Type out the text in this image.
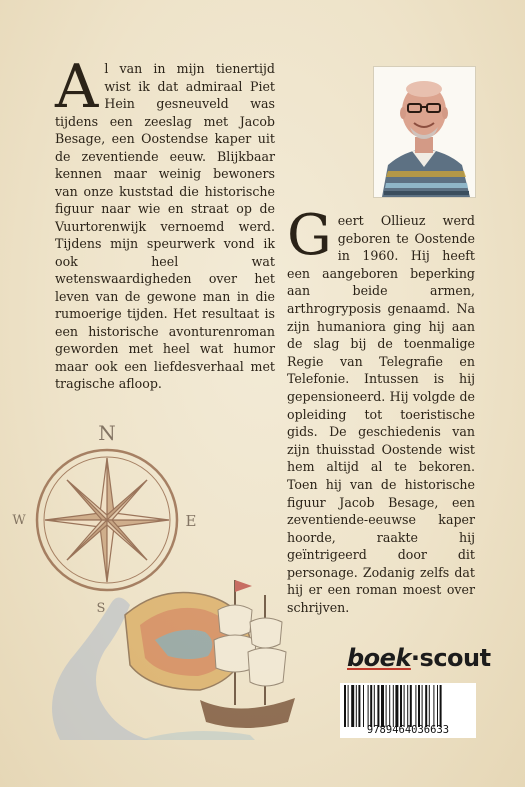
Al van in mijn tienertijd wist ik dat admiraal Piet Hein gesneuveld was tijdens een zeeslag met Jacob Besage, een Oostendse kaper uit de zeventiende eeuw. Blijkbaar kennen maar weinig bewoners van onze kuststad die historische figuur naar wie en straat op de Vuurtorenwijk vernoemd werd. Tijdens mijn speurwerk vond ik ook heel wat wetenswaardigheden over het leven van de gewone man in die rumoerige tijden. Het resultaat is een historische avonturenroman geworden met heel wat humor maar ook een liefdesverhaal met tragische afloop.
Geert Ollieuz werd geboren te Oostende in 1960. Hij heeft een aangeboren beperking aan beide armen, arthrogryposis genaamd. Na zijn humaniora ging hij aan de slag bij de toenmalige Regie van Telegrafie en Telefonie. Intussen is hij gepensioneerd. Hij volgde de opleiding tot toeristische gids. De geschiedenis van zijn thuisstad Oostende wist hem altijd al te bekoren. Toen hij van de historische figuur Jacob Besage, een zeventiende-eeuwse kaper hoorde, raakte hij geïntrigeerd door dit personage. Zodanig zelfs dat hij er een roman moest over schrijven.
N
E
W
S
boek·scout
9789464036633
